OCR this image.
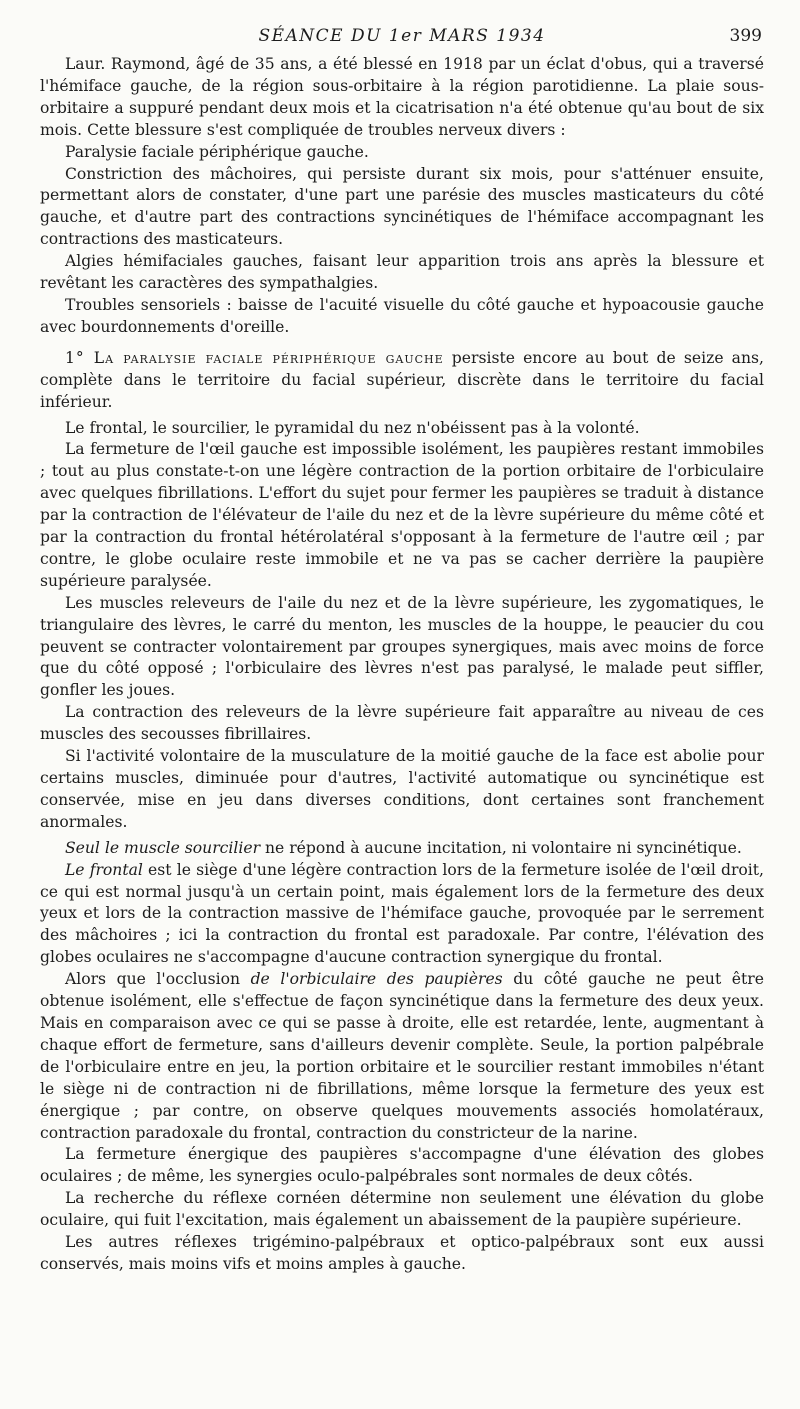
SÉANCE DU 1er MARS 1934	399

Laur. Raymond, âgé de 35 ans, a été blessé en 1918 par un éclat d'obus, qui a traversé l'hémiface gauche, de la région sous-orbitaire à la région parotidienne. La plaie sous-orbitaire a suppuré pendant deux mois et la cicatrisation n'a été obtenue qu'au bout de six mois. Cette blessure s'est compliquée de troubles nerveux divers :

Paralysie faciale périphérique gauche.

Constriction des mâchoires, qui persiste durant six mois, pour s'atténuer ensuite, permettant alors de constater, d'une part une parésie des muscles masticateurs du côté gauche, et d'autre part des contractions syncinétiques de l'hémiface accompagnant les contractions des masticateurs.

Algies hémifaciales gauches, faisant leur apparition trois ans après la blessure et revêtant les caractères des sympathalgies.

Troubles sensoriels : baisse de l'acuité visuelle du côté gauche et hypoacousie gauche avec bourdonnements d'oreille.

1° La paralysie faciale périphérique gauche persiste encore au bout de seize ans, complète dans le territoire du facial supérieur, discrète dans le territoire du facial inférieur.

Le frontal, le sourcilier, le pyramidal du nez n'obéissent pas à la volonté.

La fermeture de l'œil gauche est impossible isolément, les paupières restant immobiles ; tout au plus constate-t-on une légère contraction de la portion orbitaire de l'orbiculaire avec quelques fibrillations. L'effort du sujet pour fermer les paupières se traduit à distance par la contraction de l'élévateur de l'aile du nez et de la lèvre supérieure du même côté et par la contraction du frontal hétérolatéral s'opposant à la fermeture de l'autre œil ; par contre, le globe oculaire reste immobile et ne va pas se cacher derrière la paupière supérieure paralysée.

Les muscles releveurs de l'aile du nez et de la lèvre supérieure, les zygomatiques, le triangulaire des lèvres, le carré du menton, les muscles de la houppe, le peaucier du cou peuvent se contracter volontairement par groupes synergiques, mais avec moins de force que du côté opposé ; l'orbiculaire des lèvres n'est pas paralysé, le malade peut siffler, gonfler les joues.

La contraction des releveurs de la lèvre supérieure fait apparaître au niveau de ces muscles des secousses fibrillaires.

Si l'activité volontaire de la musculature de la moitié gauche de la face est abolie pour certains muscles, diminuée pour d'autres, l'activité automatique ou syncinétique est conservée, mise en jeu dans diverses conditions, dont certaines sont franchement anormales.

Seul le muscle sourcilier ne répond à aucune incitation, ni volontaire ni syncinétique.

Le frontal est le siège d'une légère contraction lors de la fermeture isolée de l'œil droit, ce qui est normal jusqu'à un certain point, mais également lors de la fermeture des deux yeux et lors de la contraction massive de l'hémiface gauche, provoquée par le serrement des mâchoires ; ici la contraction du frontal est paradoxale. Par contre, l'élévation des globes oculaires ne s'accompagne d'aucune contraction synergique du frontal.

Alors que l'occlusion de l'orbiculaire des paupières du côté gauche ne peut être obtenue isolément, elle s'effectue de façon syncinétique dans la fermeture des deux yeux. Mais en comparaison avec ce qui se passe à droite, elle est retardée, lente, augmentant à chaque effort de fermeture, sans d'ailleurs devenir complète. Seule, la portion palpébrale de l'orbiculaire entre en jeu, la portion orbitaire et le sourcilier restant immobiles n'étant le siège ni de contraction ni de fibrillations, même lorsque la fermeture des yeux est énergique ; par contre, on observe quelques mouvements associés homolatéraux, contraction paradoxale du frontal, contraction du constricteur de la narine.

La fermeture énergique des paupières s'accompagne d'une élévation des globes oculaires ; de même, les synergies oculo-palpébrales sont normales de deux côtés.

La recherche du réflexe cornéen détermine non seulement une élévation du globe oculaire, qui fuit l'excitation, mais également un abaissement de la paupière supérieure.

Les autres réflexes trigémino-palpébraux et optico-palpébraux sont eux aussi conservés, mais moins vifs et moins amples à gauche.
